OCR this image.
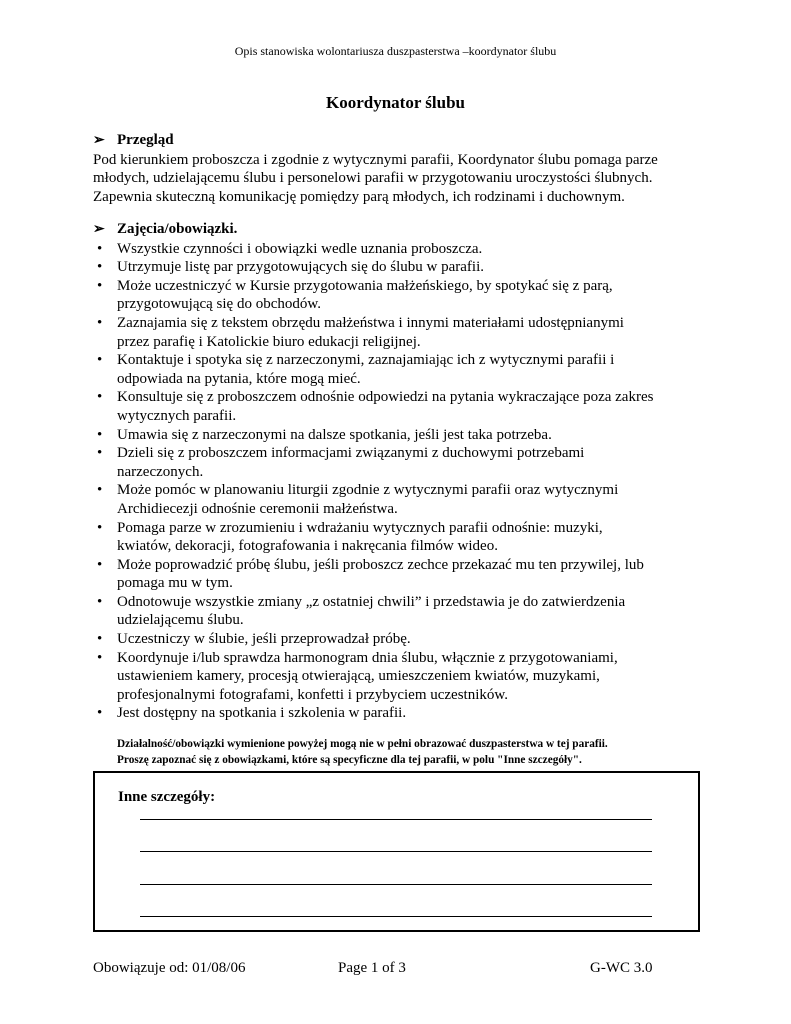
Opis stanowiska wolontariusza duszpasterstwa –koordynator ślubu
Koordynator ślubu
➢ Przegląd
Pod kierunkiem proboszcza i zgodnie z wytycznymi parafii, Koordynator ślubu pomaga parze
młodych, udzielającemu ślubu i personelowi parafii w przygotowaniu uroczystości ślubnych.
Zapewnia skuteczną komunikację pomiędzy parą młodych, ich rodzinami i duchownym.
➢ Zajęcia/obowiązki.
• Wszystkie czynności i obowiązki wedle uznania proboszcza.
• Utrzymuje listę par przygotowujących się do ślubu w parafii.
• Może uczestniczyć w Kursie przygotowania małżeńskiego, by spotykać się z parą,
przygotowującą się do obchodów.
• Zaznajamia się z tekstem obrzędu małżeństwa i innymi materiałami udostępnianymi
przez parafię i Katolickie biuro edukacji religijnej.
• Kontaktuje i spotyka się z narzeczonymi, zaznajamiając ich z wytycznymi parafii i
odpowiada na pytania, które mogą mieć.
• Konsultuje się z proboszczem odnośnie odpowiedzi na pytania wykraczające poza zakres
wytycznych parafii.
• Umawia się z narzeczonymi na dalsze spotkania, jeśli jest taka potrzeba.
• Dzieli się z proboszczem informacjami związanymi z duchowymi potrzebami
narzeczonych.
• Może pomóc w planowaniu liturgii zgodnie z wytycznymi parafii oraz wytycznymi
Archidiecezji odnośnie ceremonii małżeństwa.
• Pomaga parze w zrozumieniu i wdrażaniu wytycznych parafii odnośnie: muzyki,
kwiatów, dekoracji, fotografowania i nakręcania filmów wideo.
• Może poprowadzić próbę ślubu, jeśli proboszcz zechce przekazać mu ten przywilej, lub
pomaga mu w tym.
• Odnotowuje wszystkie zmiany „z ostatniej chwili” i przedstawia je do zatwierdzenia
udzielającemu ślubu.
• Uczestniczy w ślubie, jeśli przeprowadzał próbę.
• Koordynuje i/lub sprawdza harmonogram dnia ślubu, włącznie z przygotowaniami,
ustawieniem kamery, procesją otwierającą, umieszczeniem kwiatów, muzykami,
profesjonalnymi fotografami, konfetti i przybyciem uczestników.
• Jest dostępny na spotkania i szkolenia w parafii.
Działalność/obowiązki wymienione powyżej mogą nie w pełni obrazować duszpasterstwa w tej parafii.
Proszę zapoznać się z obowiązkami, które są specyficzne dla tej parafii, w polu "Inne szczegóły".
Inne szczegóły:
Obowiązuje od: 01/08/06	Page 1 of 3	G-WC 3.0
